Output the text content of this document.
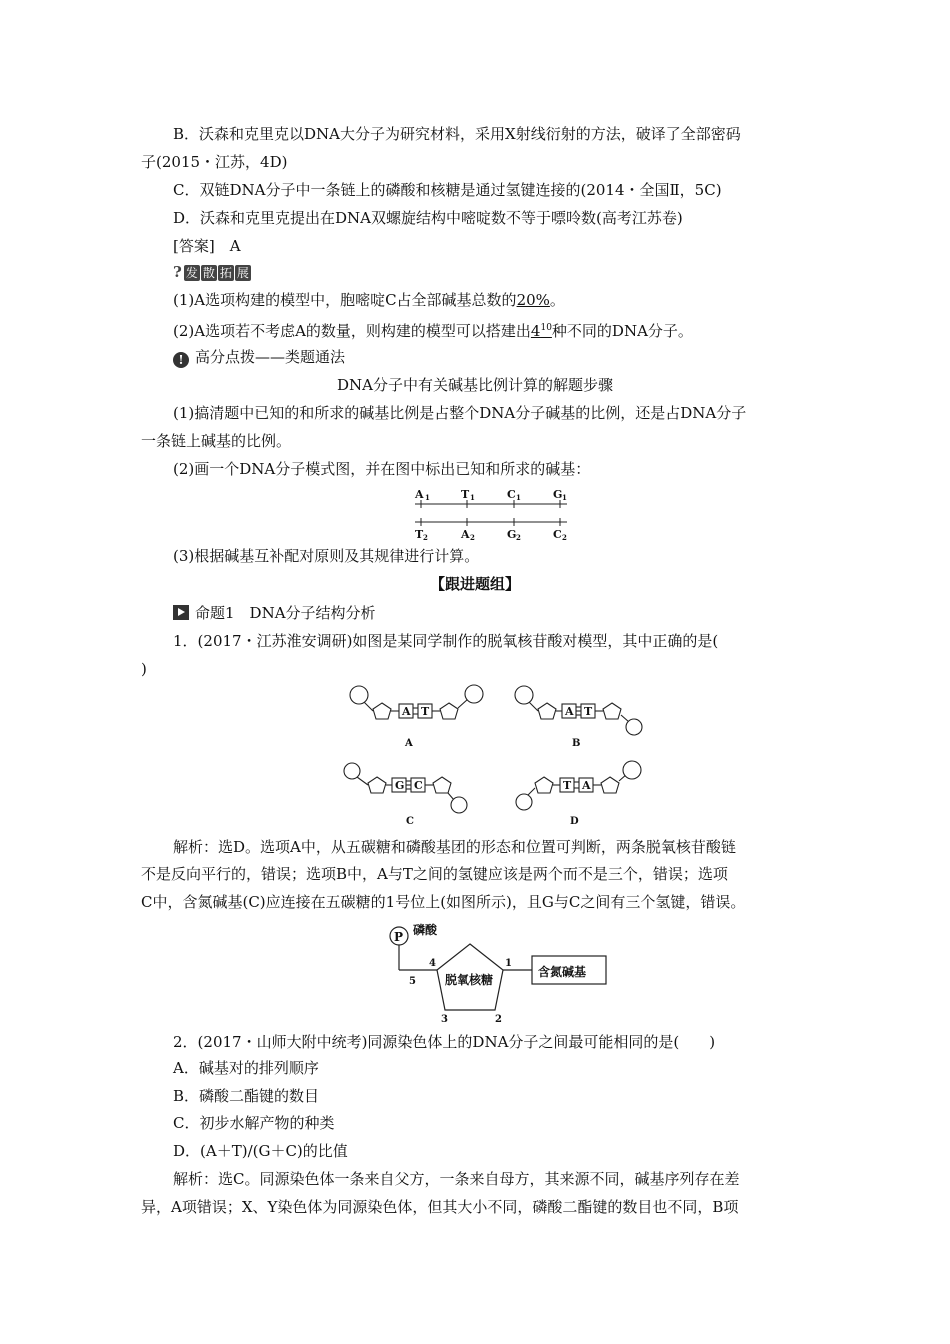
B．沃森和克里克以DNA大分子为研究材料，采用X射线衍射的方法，破译了全部密码
子(2015・江苏，4D)
C．双链DNA分子中一条链上的磷酸和核糖是通过氢键连接的(2014・全国Ⅱ，5C)
D．沃森和克里克提出在DNA双螺旋结构中嘧啶数不等于嘌呤数(高考江苏卷)
[答案]　A
? 发 散 拓 展
(1)A选项构建的模型中，胞嘧啶C占全部碱基总数的20%。
(2)A选项若不考虑A的数量，则构建的模型可以搭建出$4^{10}$种不同的DNA分子。
! 高分点拨——类题通法
DNA分子中有关碱基比例计算的解题步骤
(1)搞清题中已知的和所求的碱基比例是占整个DNA分子碱基的比例，还是占DNA分子
一条链上碱基的比例。
(2)画一个DNA分子模式图，并在图中标出已知和所求的碱基：
A 1	T 1	C 1	G 1
T 2	A 2	G 2	C 2
(3)根据碱基互补配对原则及其规律进行计算。
【跟进题组】
命题1　DNA分子结构分析
1．(2017・江苏淮安调研)如图是某同学制作的脱氧核苷酸对模型，其中正确的是(
)
A T
A
A T
B
G C
C
T A
D
解析：选D。选项A中，从五碳糖和磷酸基团的形态和位置可判断，两条脱氧核苷酸链
不是反向平行的，错误；选项B中，A与T之间的氢键应该是两个而不是三个，错误；选项
C中，含氮碱基(C)应连接在五碳糖的1号位上(如图所示)，且G与C之间有三个氢键，错误。
P 磷酸
脱氧核糖
含氮碱基
1
2
3
4
5
2．(2017・山师大附中统考)同源染色体上的DNA分子之间最可能相同的是(　　)
A．碱基对的排列顺序
B．磷酸二酯键的数目
C．初步水解产物的种类
D．(A＋T)/(G＋C)的比值
解析：选C。同源染色体一条来自父方，一条来自母方，其来源不同，碱基序列存在差
异，A项错误；X、Y染色体为同源染色体，但其大小不同，磷酸二酯键的数目也不同，B项
